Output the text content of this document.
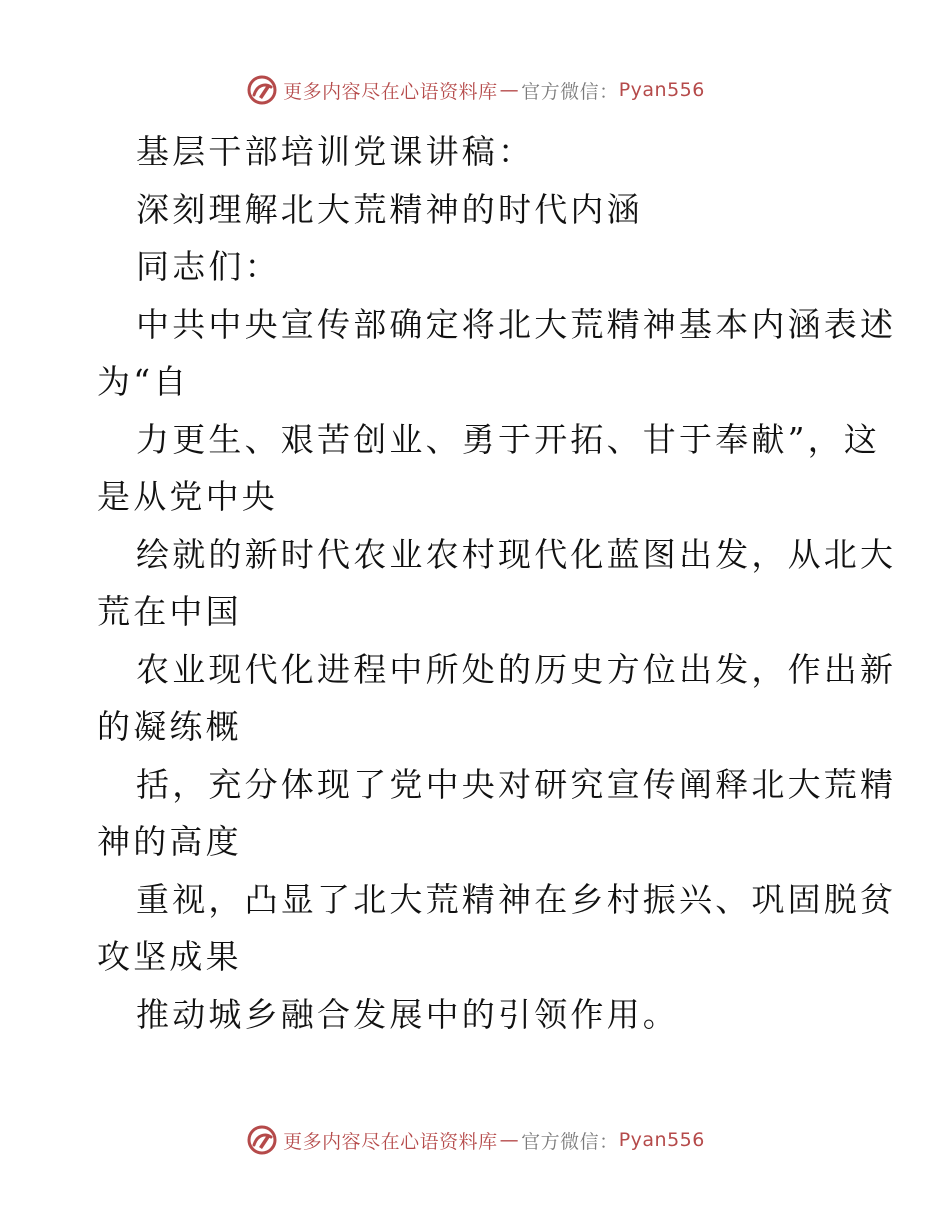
更多内容尽在心语资料库 — 官方微信： Pyan556
基层干部培训党课讲稿：
深刻理解北大荒精神的时代内涵
同志们：
中共中央宣传部确定将北大荒精神基本内涵表述
为“自
力更生、艰苦创业、勇于开拓、甘于奉献”，这
是从党中央
绘就的新时代农业农村现代化蓝图出发，从北大
荒在中国
农业现代化进程中所处的历史方位出发，作出新
的凝练概
括，充分体现了党中央对研究宣传阐释北大荒精
神的高度
重视，凸显了北大荒精神在乡村振兴、巩固脱贫
攻坚成果
推动城乡融合发展中的引领作用。
更多内容尽在心语资料库 — 官方微信： Pyan556
